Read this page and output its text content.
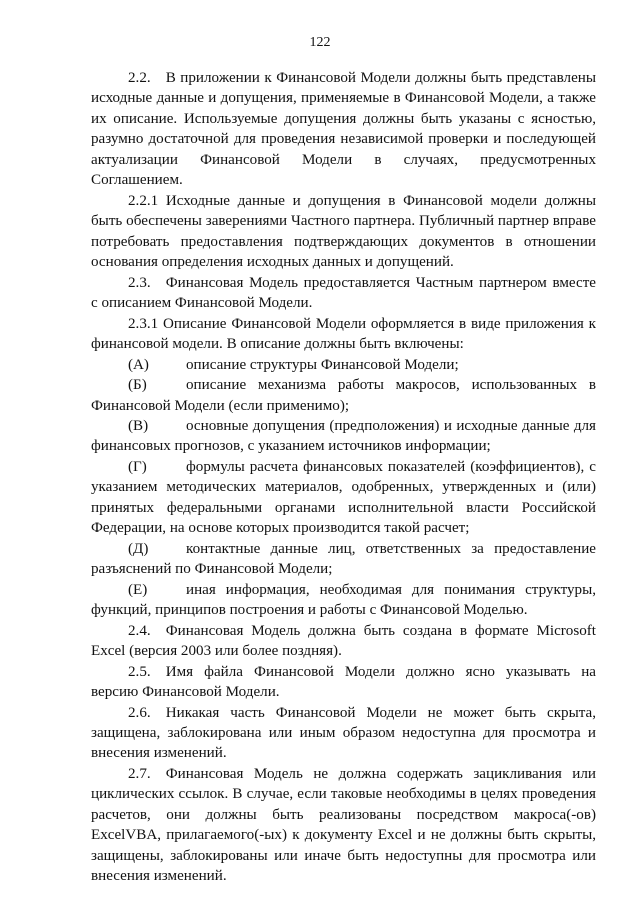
122

2.2. В приложении к Финансовой Модели должны быть представлены исходные данные и допущения, применяемые в Финансовой Модели, а также их описание. Используемые допущения должны быть указаны с ясностью, разумно достаточной для проведения независимой проверки и последующей актуализации Финансовой Модели в случаях, предусмотренных Соглашением.

2.2.1 Исходные данные и допущения в Финансовой модели должны быть обеспечены заверениями Частного партнера. Публичный партнер вправе потребовать предоставления подтверждающих документов в отношении основания определения исходных данных и допущений.

2.3. Финансовая Модель предоставляется Частным партнером вместе с описанием Финансовой Модели.

2.3.1 Описание Финансовой Модели оформляется в виде приложения к финансовой модели. В описание должны быть включены:

(А) описание структуры Финансовой Модели;

(Б)	описание механизма работы макросов, использованных в Финансовой Модели (если применимо);

(В)	основные допущения (предположения) и исходные данные для финансовых прогнозов, с указанием источников информации;

(Г)	формулы расчета финансовых показателей (коэффициентов), с указанием методических материалов, одобренных, утвержденных и (или) принятых федеральными органами исполнительной власти Российской Федерации, на основе которых производится такой расчет;

(Д) контактные данные лиц, ответственных за предоставление разъяснений по Финансовой Модели;

(Е)	иная информация, необходимая для понимания структуры, функций, принципов построения и работы с Финансовой Моделью.

2.4. Финансовая Модель должна быть создана в формате Microsoft Excel (версия 2003 или более поздняя).

2.5. Имя файла Финансовой Модели должно ясно указывать на версию Финансовой Модели.

2.6. Никакая часть Финансовой Модели не может быть скрыта, защищена, заблокирована или иным образом недоступна для просмотра и внесения изменений.

2.7. Финансовая Модель не должна содержать зацикливания или циклических ссылок. В случае, если таковые необходимы в целях проведения расчетов, они должны быть реализованы посредством макроса(-ов) ExcelVBA, прилагаемого(-ых) к документу Excel и не должны быть скрыты, защищены, заблокированы или иначе быть недоступны для просмотра или внесения изменений.
